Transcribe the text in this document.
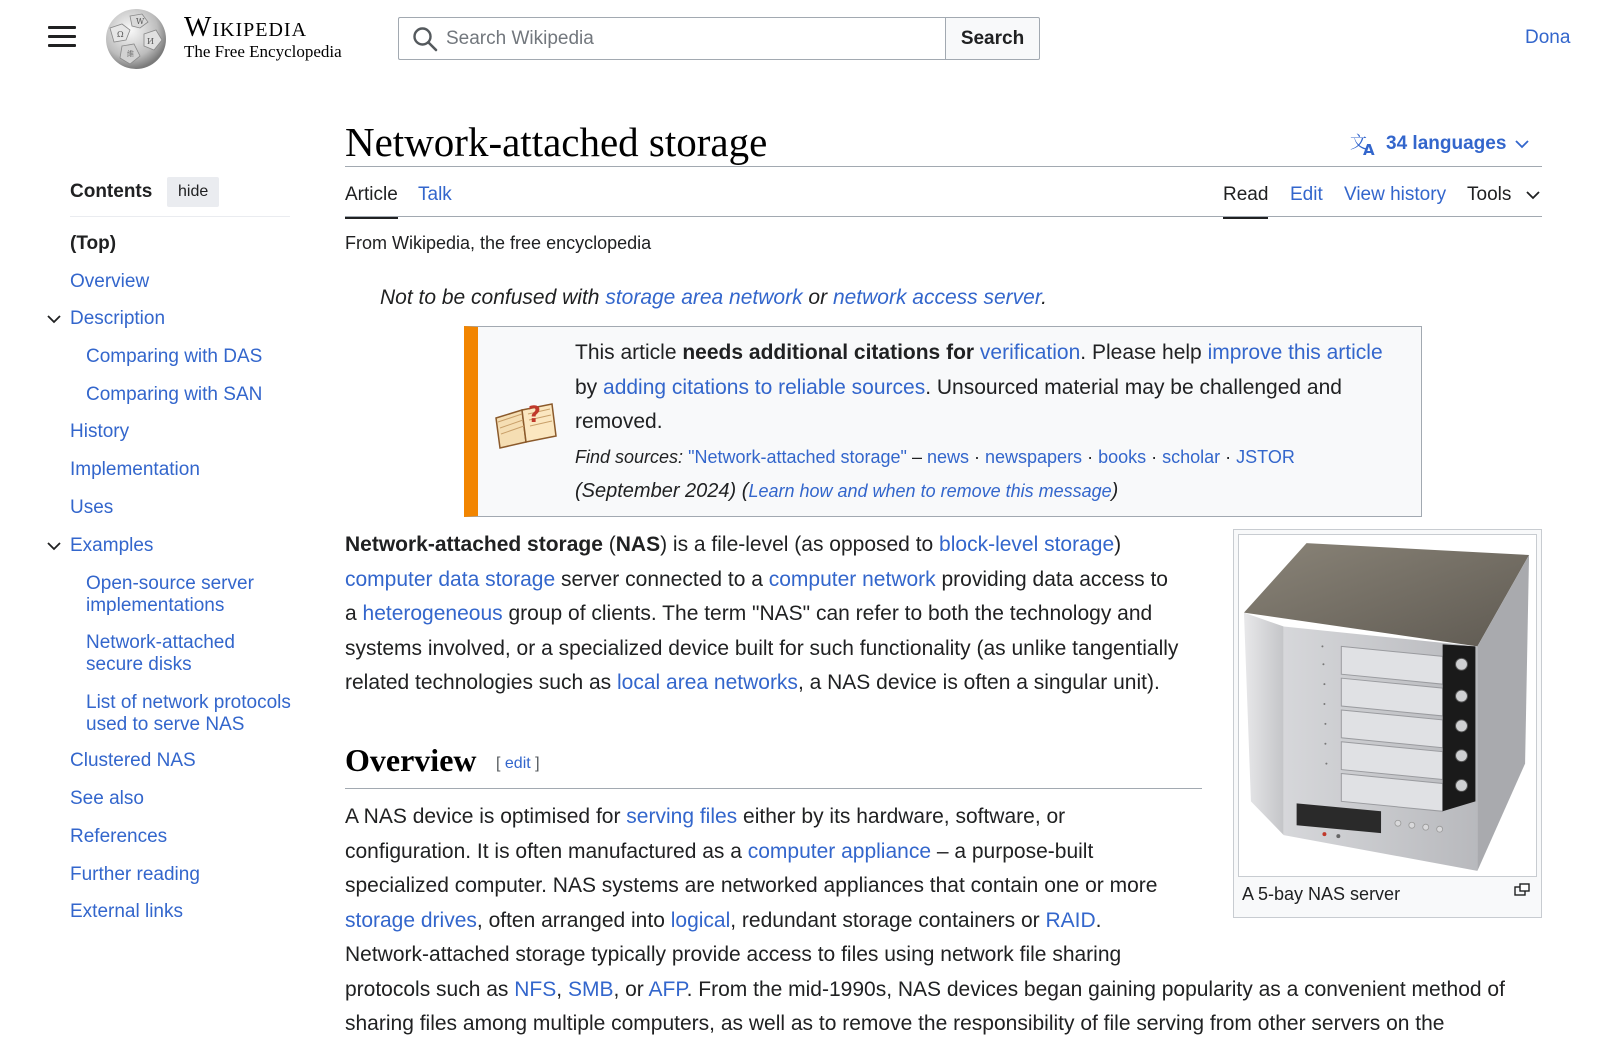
Ω
W
И
維
Wikipedia
The Free Encyclopedia
Search Wikipedia
Search	Dona
Contents	hide
(Top)
Overview
Description
Comparing with DAS
Comparing with SAN
History
Implementation
Uses
Examples
Open-source server
implementations
Network-attached
secure disks
List of network protocols
used to serve NAS
Clustered NAS
See also
References
Further reading
External links
Network-attached storage	文
A 34 languages
Article Talk	Read Edit View history Tools
From Wikipedia, the free encyclopedia
Not to be confused with storage area network or network access server.
?
This article needs additional citations for verification. Please help improve this article by adding citations to reliable sources. Unsourced material may be challenged and removed.
Find sources: "Network-attached storage" – news · newspapers · books · scholar · JSTOR
(September 2024) (Learn how and when to remove this message)
Network-attached storage (NAS) is a file-level (as opposed to block-level storage)
computer data storage server connected to a computer network providing data access to
a heterogeneous group of clients. The term "NAS" can refer to both the technology and
systems involved, or a specialized device built for such functionality (as unlike tangentially
related technologies such as local area networks, a NAS device is often a singular unit).
Overview [ edit ]
A NAS device is optimised for serving files either by its hardware, software, or
configuration. It is often manufactured as a computer appliance – a purpose-built
specialized computer. NAS systems are networked appliances that contain one or more
storage drives, often arranged into logical, redundant storage containers or RAID.
Network-attached storage typically provide access to files using network file sharing
protocols such as NFS, SMB, or AFP. From the mid-1990s, NAS devices began gaining popularity as a convenient method of
sharing files among multiple computers, as well as to remove the responsibility of file serving from other servers on the
A 5-bay NAS server
